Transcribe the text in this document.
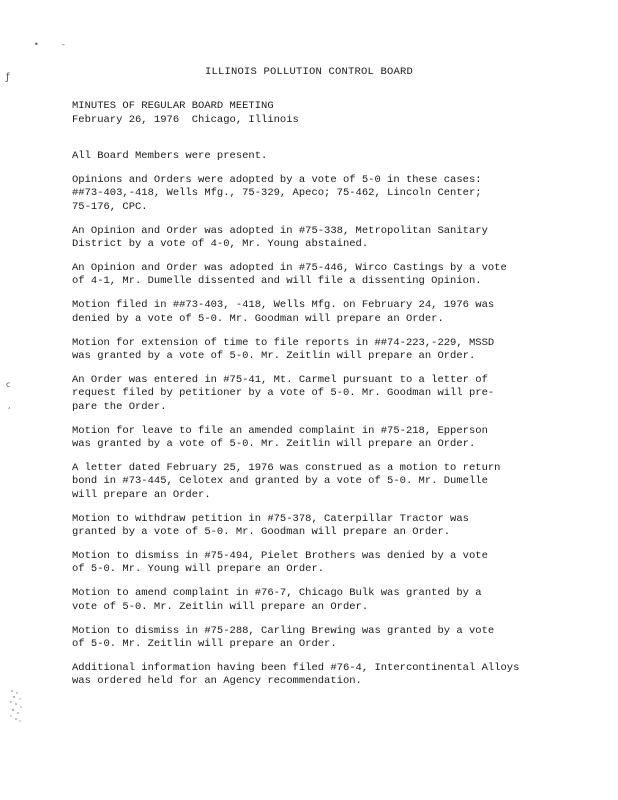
•	-
ƒ
c
‘
ILLINOIS POLLUTION CONTROL BOARD
MINUTES OF REGULAR BOARD MEETING
February 26, 1976  Chicago, Illinois

All Board Members were present.

Opinions and Orders were adopted by a vote of 5-0 in these cases:
##73-403,-418, Wells Mfg., 75-329, Apeco; 75-462, Lincoln Center;
75-176, CPC.

An Opinion and Order was adopted in #75-338, Metropolitan Sanitary
District by a vote of 4-0, Mr. Young abstained.

An Opinion and Order was adopted in #75-446, Wirco Castings by a vote
of 4-1, Mr. Dumelle dissented and will file a dissenting Opinion.

Motion filed in ##73-403, -418, Wells Mfg. on February 24, 1976 was
denied by a vote of 5-0. Mr. Goodman will prepare an Order.

Motion for extension of time to file reports in ##74-223,-229, MSSD
was granted by a vote of 5-0. Mr. Zeitlin will prepare an Order.

An Order was entered in #75-41, Mt. Carmel pursuant to a letter of
request filed by petitioner by a vote of 5-0. Mr. Goodman will pre-
pare the Order.

Motion for leave to file an amended complaint in #75-218, Epperson
was granted by a vote of 5-0. Mr. Zeitlin will prepare an Order.

A letter dated February 25, 1976 was construed as a motion to return
bond in #73-445, Celotex and granted by a vote of 5-0. Mr. Dumelle
will prepare an Order.

Motion to withdraw petition in #75-378, Caterpillar Tractor was
granted by a vote of 5-0. Mr. Goodman will prepare an Order.

Motion to dismiss in #75-494, Pielet Brothers was denied by a vote
of 5-0. Mr. Young will prepare an Order.

Motion to amend complaint in #76-7, Chicago Bulk was granted by a
vote of 5-0. Mr. Zeitlin will prepare an Order.

Motion to dismiss in #75-288, Carling Brewing was granted by a vote
of 5-0. Mr. Zeitlin will prepare an Order.

Additional information having been filed #76-4, Intercontinental Alloys
was ordered held for an Agency recommendation.
